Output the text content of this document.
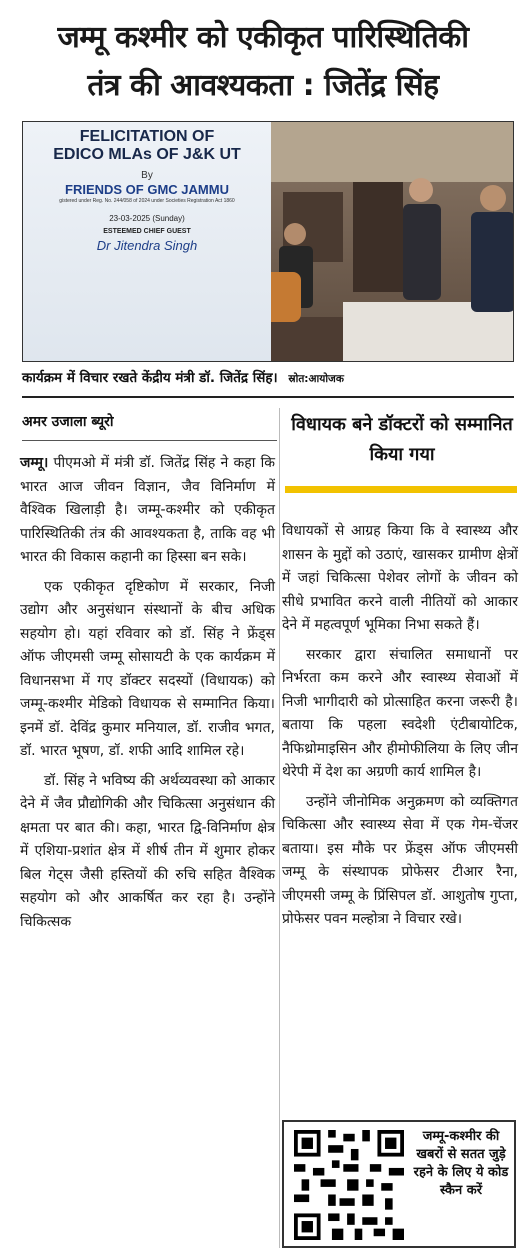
जम्मू कश्मीर को एकीकृत पारिस्थितिकी
तंत्र की आवश्यकता : जितेंद्र सिंह
FELICITATION OF
EDICO MLAs OF J&K UT
By
FRIENDS OF GMC JAMMU
gistered under Reg. No. 244/058 of 2024 under Societies Registration Act 1860
23-03-2025 (Sunday)
ESTEEMED CHIEF GUEST
Dr Jitendra Singh
कार्यक्रम में विचार रखते केंद्रीय मंत्री डॉ. जितेंद्र सिंह। स्रोत:आयोजक
अमर उजाला ब्यूरो

जम्मू। पीएमओ में मंत्री डॉ. जितेंद्र सिंह ने कहा कि भारत आज जीवन विज्ञान, जैव विनिर्माण में वैश्विक खिलाड़ी है। जम्मू-कश्मीर को एकीकृत पारिस्थितिकी तंत्र की आवश्यकता है, ताकि वह भी भारत की विकास कहानी का हिस्सा बन सके।

एक एकीकृत दृष्टिकोण में सरकार, निजी उद्योग और अनुसंधान संस्थानों के बीच अधिक सहयोग हो। यहां रविवार को डॉ. सिंह ने फ्रेंड्स ऑफ जीएमसी जम्मू सोसायटी के एक कार्यक्रम में विधानसभा में गए डॉक्टर सदस्यों (विधायक) को जम्मू-कश्मीर मेडिको विधायक से सम्मानित किया। इनमें डॉ. देविंद्र कुमार मनियाल, डॉ. राजीव भगत, डॉ. भारत भूषण, डॉ. शफी आदि शामिल रहे।

डॉ. सिंह ने भविष्य की अर्थव्यवस्था को आकार देने में जैव प्रौद्योगिकी और चिकित्सा अनुसंधान की क्षमता पर बात की। कहा, भारत द्वि-विनिर्माण क्षेत्र में एशिया-प्रशांत क्षेत्र में शीर्ष तीन में शुमार होकर बिल गेट्स जैसी हस्तियों की रुचि सहित वैश्विक सहयोग को और आकर्षित कर रहा है। उन्होंने चिकित्सक

विधायक बने डॉक्टरों को सम्मानित किया गया

विधायकों से आग्रह किया कि वे स्वास्थ्य और शासन के मुद्दों को उठाएं, खासकर ग्रामीण क्षेत्रों में जहां चिकित्सा पेशेवर लोगों के जीवन को सीधे प्रभावित करने वाली नीतियों को आकार देने में महत्वपूर्ण भूमिका निभा सकते हैं।

सरकार द्वारा संचालित समाधानों पर निर्भरता कम करने और स्वास्थ्य सेवाओं में निजी भागीदारी को प्रोत्साहित करना जरूरी है। बताया कि पहला स्वदेशी एंटीबायोटिक, नैफिथ्रोमाइसिन और हीमोफीलिया के लिए जीन थेरेपी में देश का अग्रणी कार्य शामिल है।

उन्होंने जीनोमिक अनुक्रमण को व्यक्तिगत चिकित्सा और स्वास्थ्य सेवा में एक गेम-चेंजर बताया। इस मौके पर फ्रेंड्स ऑफ जीएमसी जम्मू के संस्थापक प्रोफेसर टीआर रैना, जीएमसी जम्मू के प्रिंसिपल डॉ. आशुतोष गुप्ता, प्रोफेसर पवन मल्होत्रा ने विचार रखे।

जम्मू-कश्मीर की खबरों से सतत जुड़े रहने के लिए ये कोड स्कैन करें
